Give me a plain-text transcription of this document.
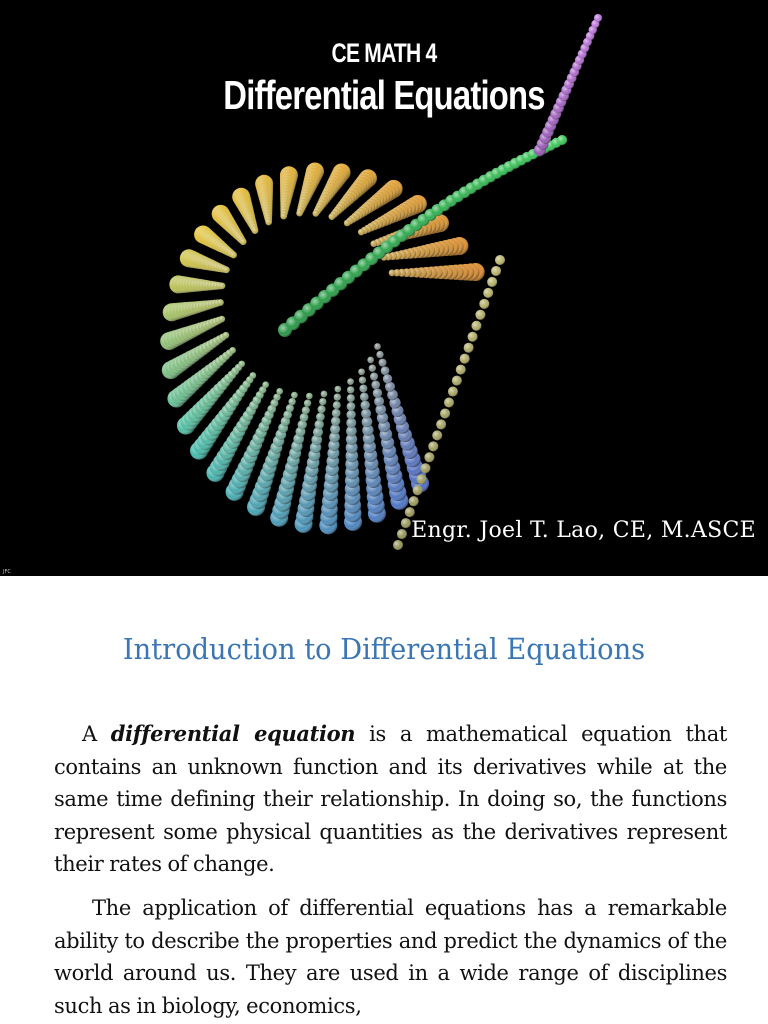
CE MATH 4
Differential Equations
Engr. Joel T. Lao, CE, M.ASCE
JFC
Introduction to Differential Equations

A differential equation is a mathematical equation that contains an unknown function and its derivatives while at the same time defining their relationship. In doing so, the functions represent some physical quantities as the derivatives represent their rates of change.

The application of differential equations has a remarkable ability to describe the properties and predict the dynamics of the world around us. They are used in a wide range of disciplines such as in biology, economics,
